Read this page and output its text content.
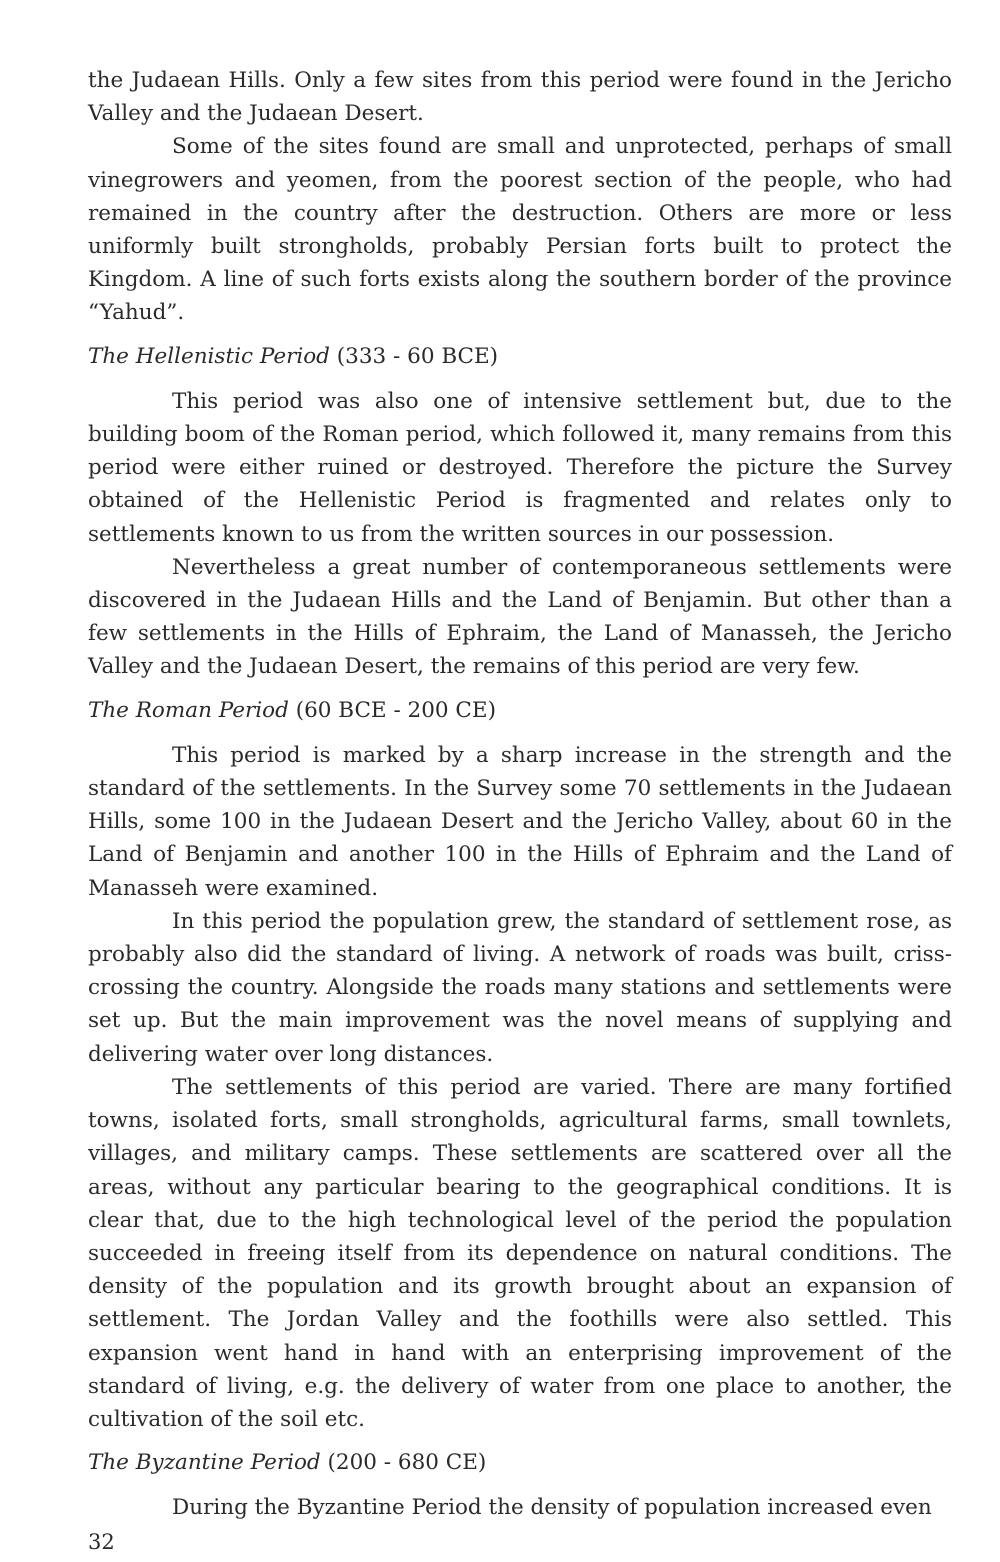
the Judaean Hills. Only a few sites from this period were found in the Jericho Valley and the Judaean Desert.

Some of the sites found are small and unprotected, perhaps of small vinegrowers and yeomen, from the poorest section of the people, who had remained in the country after the destruction. Others are more or less uniformly built strongholds, probably Persian forts built to protect the Kingdom. A line of such forts exists along the southern border of the province “Yahud”.

The Hellenistic Period (333 - 60 BCE)

This period was also one of intensive settlement but, due to the building boom of the Roman period, which followed it, many remains from this period were either ruined or destroyed. Therefore the picture the Survey obtained of the Hellenistic Period is fragmented and relates only to settlements known to us from the written sources in our possession.

Nevertheless a great number of contemporaneous settlements were discovered in the Judaean Hills and the Land of Benjamin. But other than a few settlements in the Hills of Ephraim, the Land of Manasseh, the Jericho Valley and the Judaean Desert, the remains of this period are very few.

The Roman Period (60 BCE - 200 CE)

This period is marked by a sharp increase in the strength and the standard of the settlements. In the Survey some 70 settlements in the Judaean Hills, some 100 in the Judaean Desert and the Jericho Valley, about 60 in the Land of Benjamin and another 100 in the Hills of Ephraim and the Land of Manasseh were examined.

In this period the population grew, the standard of settlement rose, as probably also did the standard of living. A network of roads was built, criss-crossing the country. Alongside the roads many stations and settlements were set up. But the main improvement was the novel means of supplying and delivering water over long distances.

The settlements of this period are varied. There are many fortified towns, isolated forts, small strongholds, agricultural farms, small townlets, villages, and military camps. These settlements are scattered over all the areas, without any particular bearing to the geographical conditions. It is clear that, due to the high technological level of the period the population succeeded in freeing itself from its dependence on natural conditions. The density of the population and its growth brought about an expansion of settlement. The Jordan Valley and the foothills were also settled. This expansion went hand in hand with an enterprising improvement of the standard of living, e.g. the delivery of water from one place to another, the cultivation of the soil etc.

The Byzantine Period (200 - 680 CE)

During the Byzantine Period the density of population increased even

32
